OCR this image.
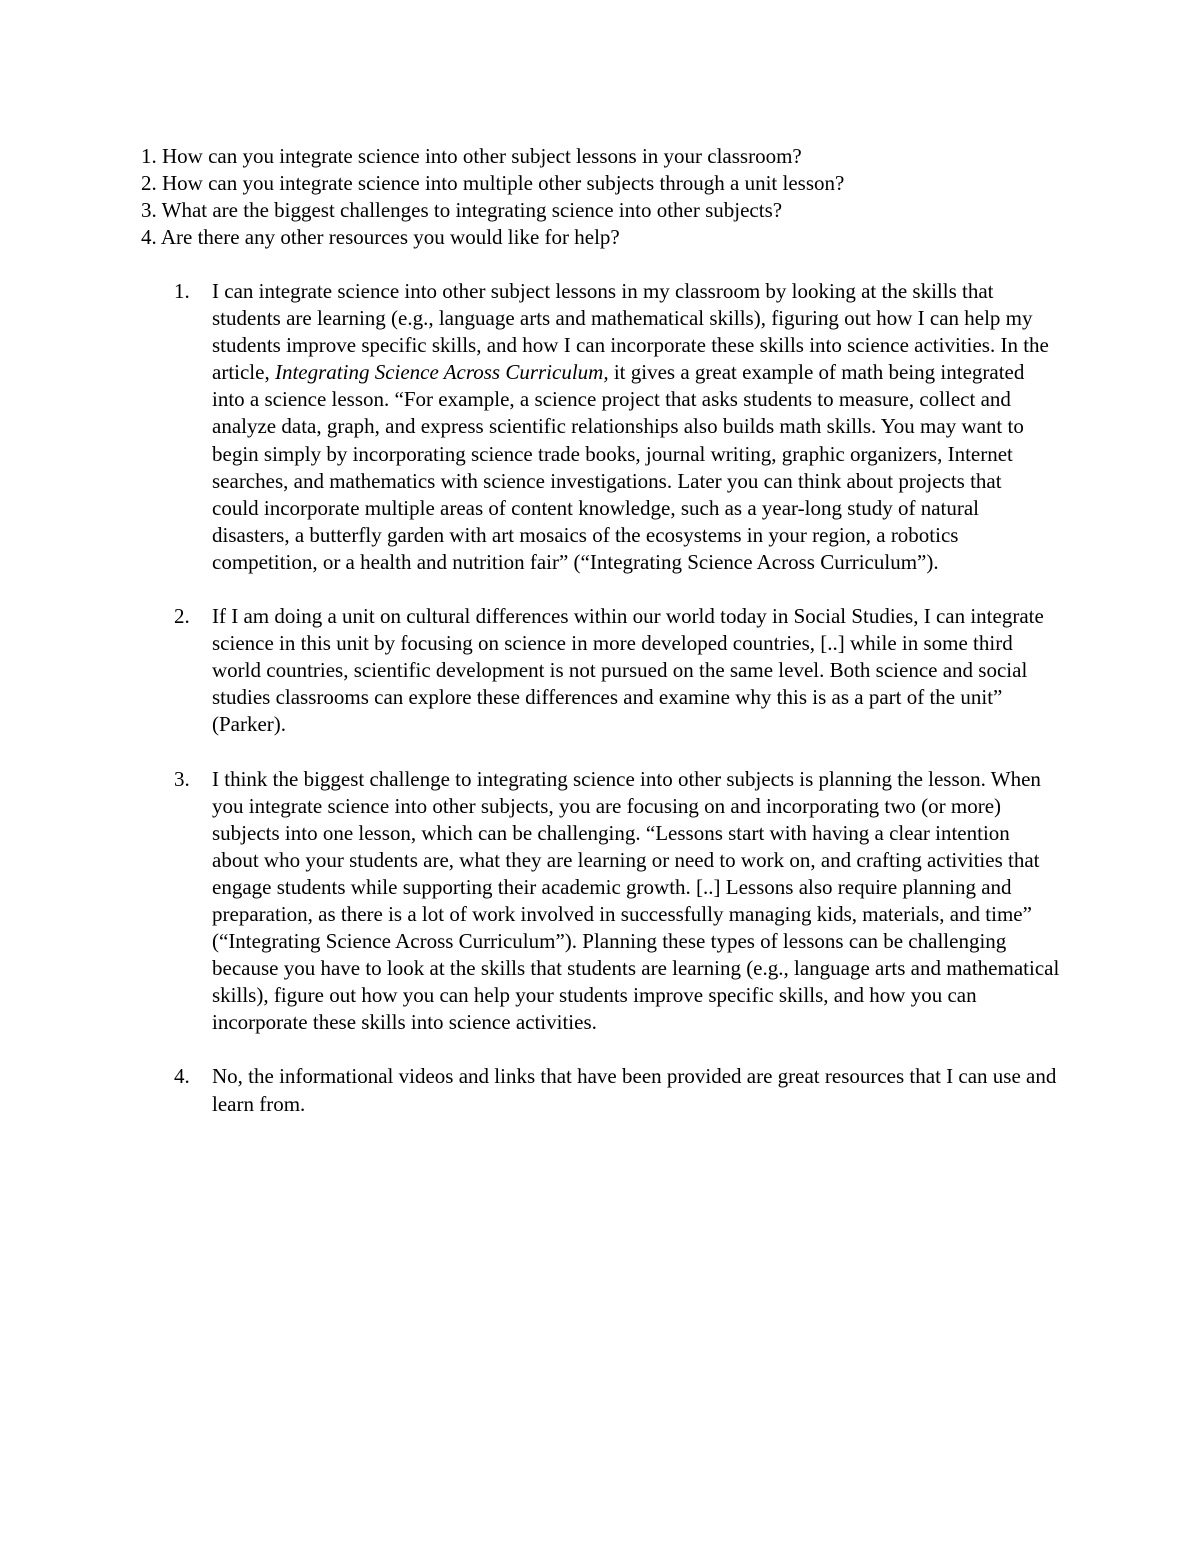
1. How can you integrate science into other subject lessons in your classroom?
2. How can you integrate science into multiple other subjects through a unit lesson?
3. What are the biggest challenges to integrating science into other subjects?
4. Are there any other resources you would like for help?
1. I can integrate science into other subject lessons in my classroom by looking at the skills that students are learning (e.g., language arts and mathematical skills), figuring out how I can help my students improve specific skills, and how I can incorporate these skills into science activities. In the article, Integrating Science Across Curriculum, it gives a great example of math being integrated into a science lesson. “For example, a science project that asks students to measure, collect and analyze data, graph, and express scientific relationships also builds math skills. You may want to begin simply by incorporating science trade books, journal writing, graphic organizers, Internet searches, and mathematics with science investigations. Later you can think about projects that could incorporate multiple areas of content knowledge, such as a year-long study of natural disasters, a butterfly garden with art mosaics of the ecosystems in your region, a robotics competition, or a health and nutrition fair” (“Integrating Science Across Curriculum”).
2. If I am doing a unit on cultural differences within our world today in Social Studies, I can integrate science in this unit by focusing on science in more developed countries, [..] while in some third world countries, scientific development is not pursued on the same level. Both science and social studies classrooms can explore these differences and examine why this is as a part of the unit” (Parker).
3. I think the biggest challenge to integrating science into other subjects is planning the lesson. When you integrate science into other subjects, you are focusing on and incorporating two (or more) subjects into one lesson, which can be challenging. “Lessons start with having a clear intention about who your students are, what they are learning or need to work on, and crafting activities that engage students while supporting their academic growth. [..] Lessons also require planning and preparation, as there is a lot of work involved in successfully managing kids, materials, and time” (“Integrating Science Across Curriculum”). Planning these types of lessons can be challenging because you have to look at the skills that students are learning (e.g., language arts and mathematical skills), figure out how you can help your students improve specific skills, and how you can incorporate these skills into science activities.
4. No, the informational videos and links that have been provided are great resources that I can use and learn from.
